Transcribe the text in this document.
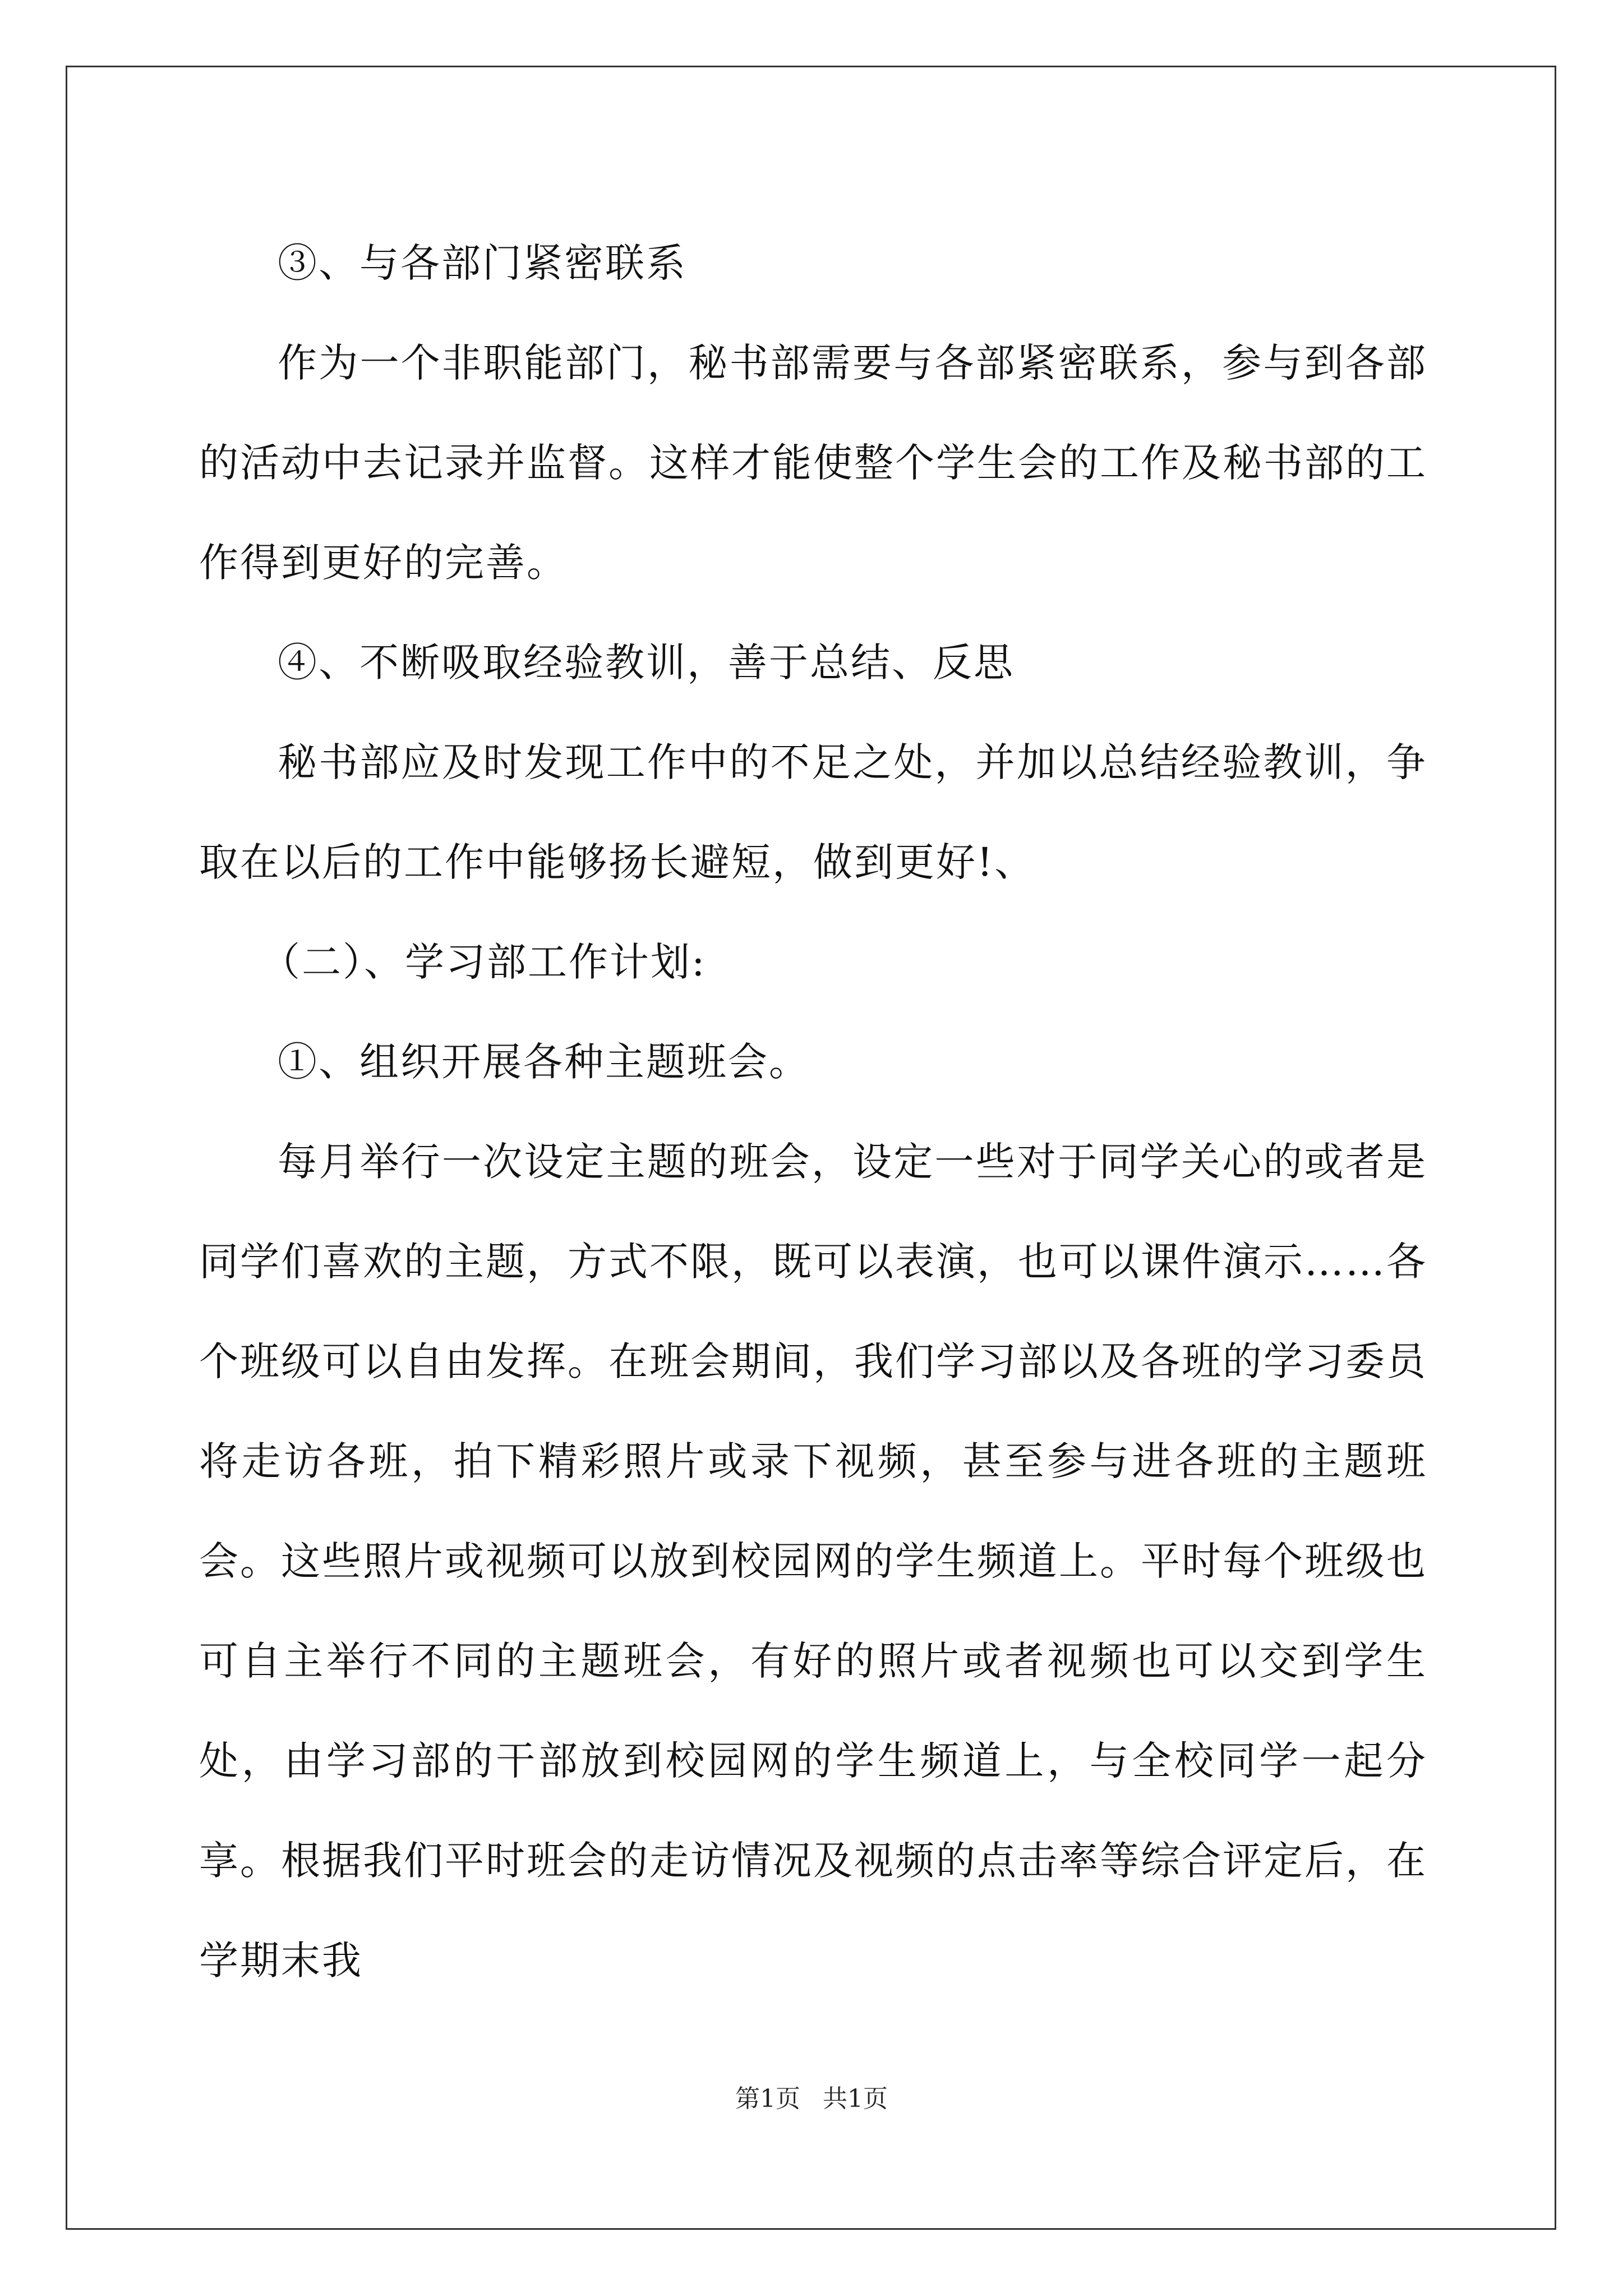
③、与各部门紧密联系

作为一个非职能部门，秘书部需要与各部紧密联系，参与到各部的活动中去记录并监督。这样才能使整个学生会的工作及秘书部的工作得到更好的完善。

④、不断吸取经验教训，善于总结、反思

秘书部应及时发现工作中的不足之处，并加以总结经验教训，争取在以后的工作中能够扬长避短，做到更好!、

（二）、学习部工作计划:

①、组织开展各种主题班会。

每月举行一次设定主题的班会，设定一些对于同学关心的或者是同学们喜欢的主题，方式不限，既可以表演，也可以课件演示……各个班级可以自由发挥。在班会期间，我们学习部以及各班的学习委员将走访各班，拍下精彩照片或录下视频，甚至参与进各班的主题班会。这些照片或视频可以放到校园网的学生频道上。平时每个班级也可自主举行不同的主题班会，有好的照片或者视频也可以交到学生处，由学习部的干部放到校园网的学生频道上，与全校同学一起分享。根据我们平时班会的走访情况及视频的点击率等综合评定后，在学期末我

第1页 共1页
